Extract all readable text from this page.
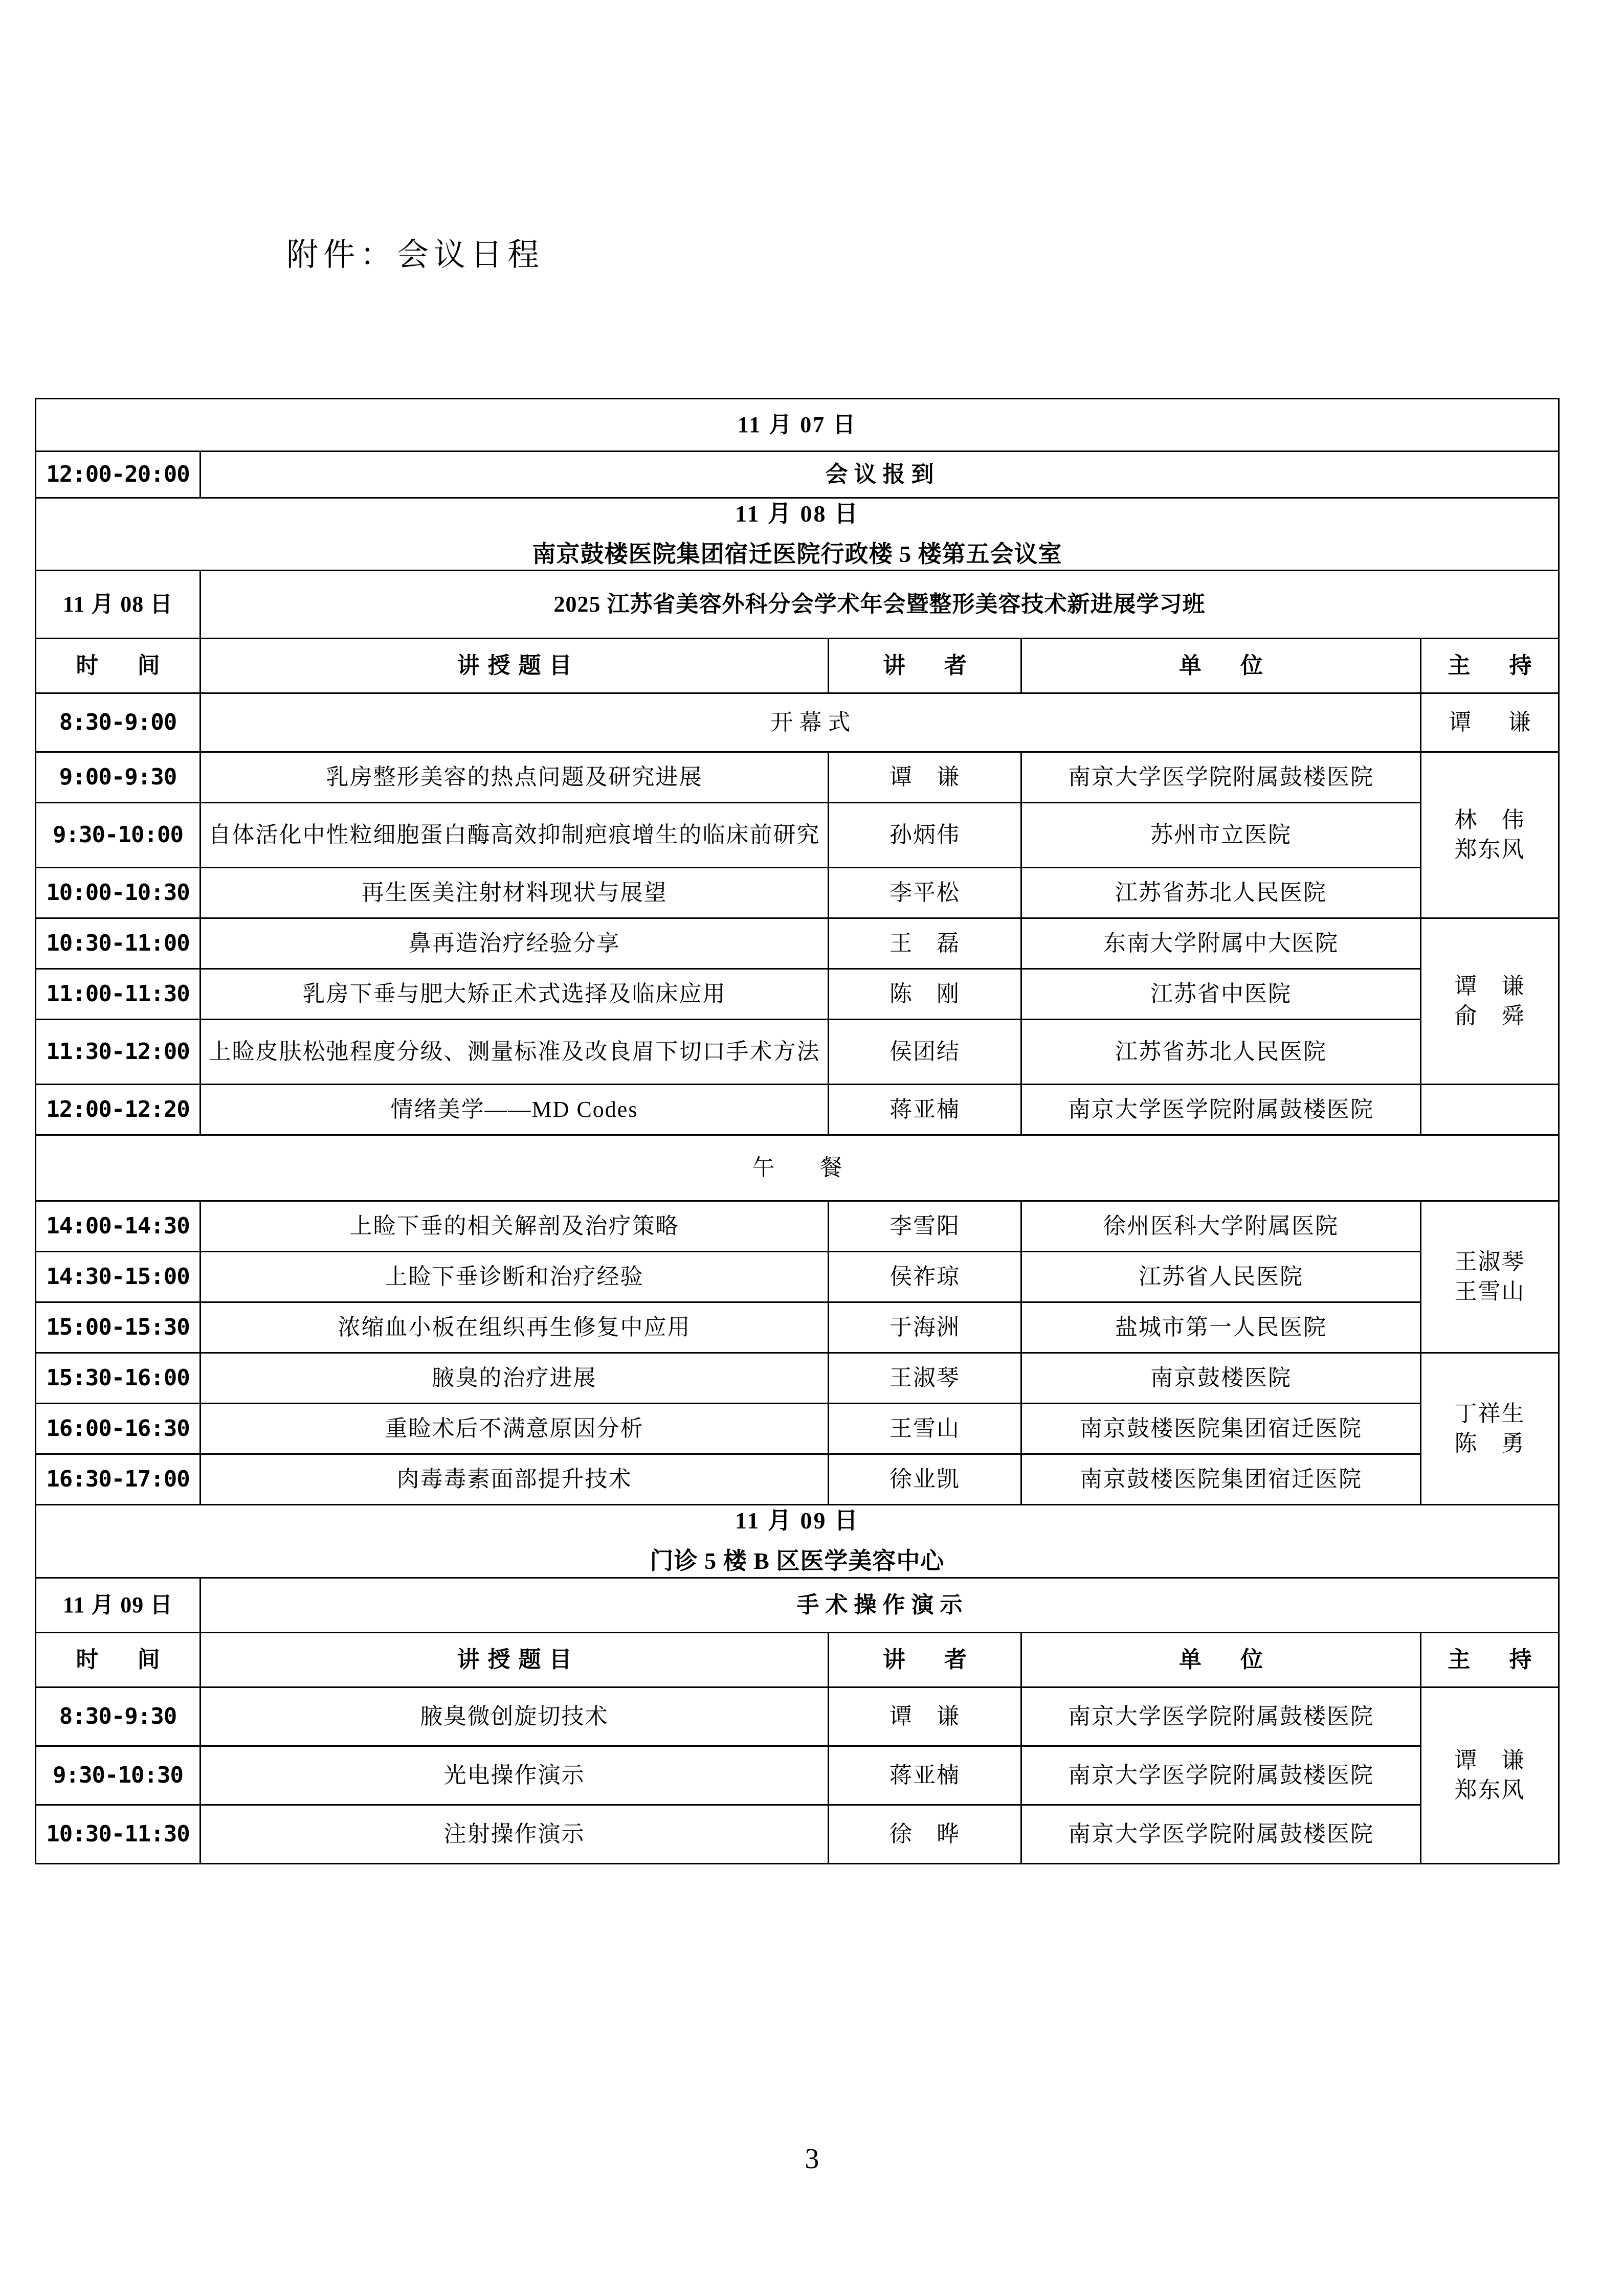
附件：会议日程
11 月 07 日				
12:00-20:00	会议报到			

11 月 08 日
南京鼓楼医院集团宿迁医院行政楼 5 楼第五会议室				

11 月 08 日	2025 江苏省美容外科分会学术年会暨整形美容技术新进展学习班			
时　间	讲授题目	讲　者	单　位	主　持
8:30-9:00	开幕式			谭　谦
9:00-9:30	乳房整形美容的热点问题及研究进展	谭　谦	南京大学医学院附属鼓楼医院	林　伟
郑东风

9:30-10:00	自体活化中性粒细胞蛋白酶高效抑制疤痕增生的临床前研究	孙炳伟	苏州市立医院	
10:00-10:30	再生医美注射材料现状与展望	李平松	江苏省苏北人民医院	
10:30-11:00	鼻再造治疗经验分享	王　磊	东南大学附属中大医院	谭　谦
俞　舜

11:00-11:30	乳房下垂与肥大矫正术式选择及临床应用	陈　刚	江苏省中医院	
11:30-12:00	上睑皮肤松弛程度分级、测量标准及改良眉下切口手术方法	侯团结	江苏省苏北人民医院	
12:00-12:20	情绪美学——MD Codes	蒋亚楠	南京大学医学院附属鼓楼医院	
午　餐				
14:00-14:30	上睑下垂的相关解剖及治疗策略	李雪阳	徐州医科大学附属医院	王淑琴
王雪山

14:30-15:00	上睑下垂诊断和治疗经验	侯祚琼	江苏省人民医院	
15:00-15:30	浓缩血小板在组织再生修复中应用	于海洲	盐城市第一人民医院	
15:30-16:00	腋臭的治疗进展	王淑琴	南京鼓楼医院	丁祥生
陈　勇

16:00-16:30	重睑术后不满意原因分析	王雪山	南京鼓楼医院集团宿迁医院	
16:30-17:00	肉毒毒素面部提升技术	徐业凯	南京鼓楼医院集团宿迁医院	

11 月 09 日
门诊 5 楼 B 区医学美容中心				

11 月 09 日	手术操作演示			
时　间	讲授题目	讲　者	单　位	主　持
8:30-9:30	腋臭微创旋切技术	谭　谦	南京大学医学院附属鼓楼医院	谭　谦
郑东风

9:30-10:30	光电操作演示	蒋亚楠	南京大学医学院附属鼓楼医院	
10:30-11:30	注射操作演示	徐　晔	南京大学医学院附属鼓楼医院	
3
